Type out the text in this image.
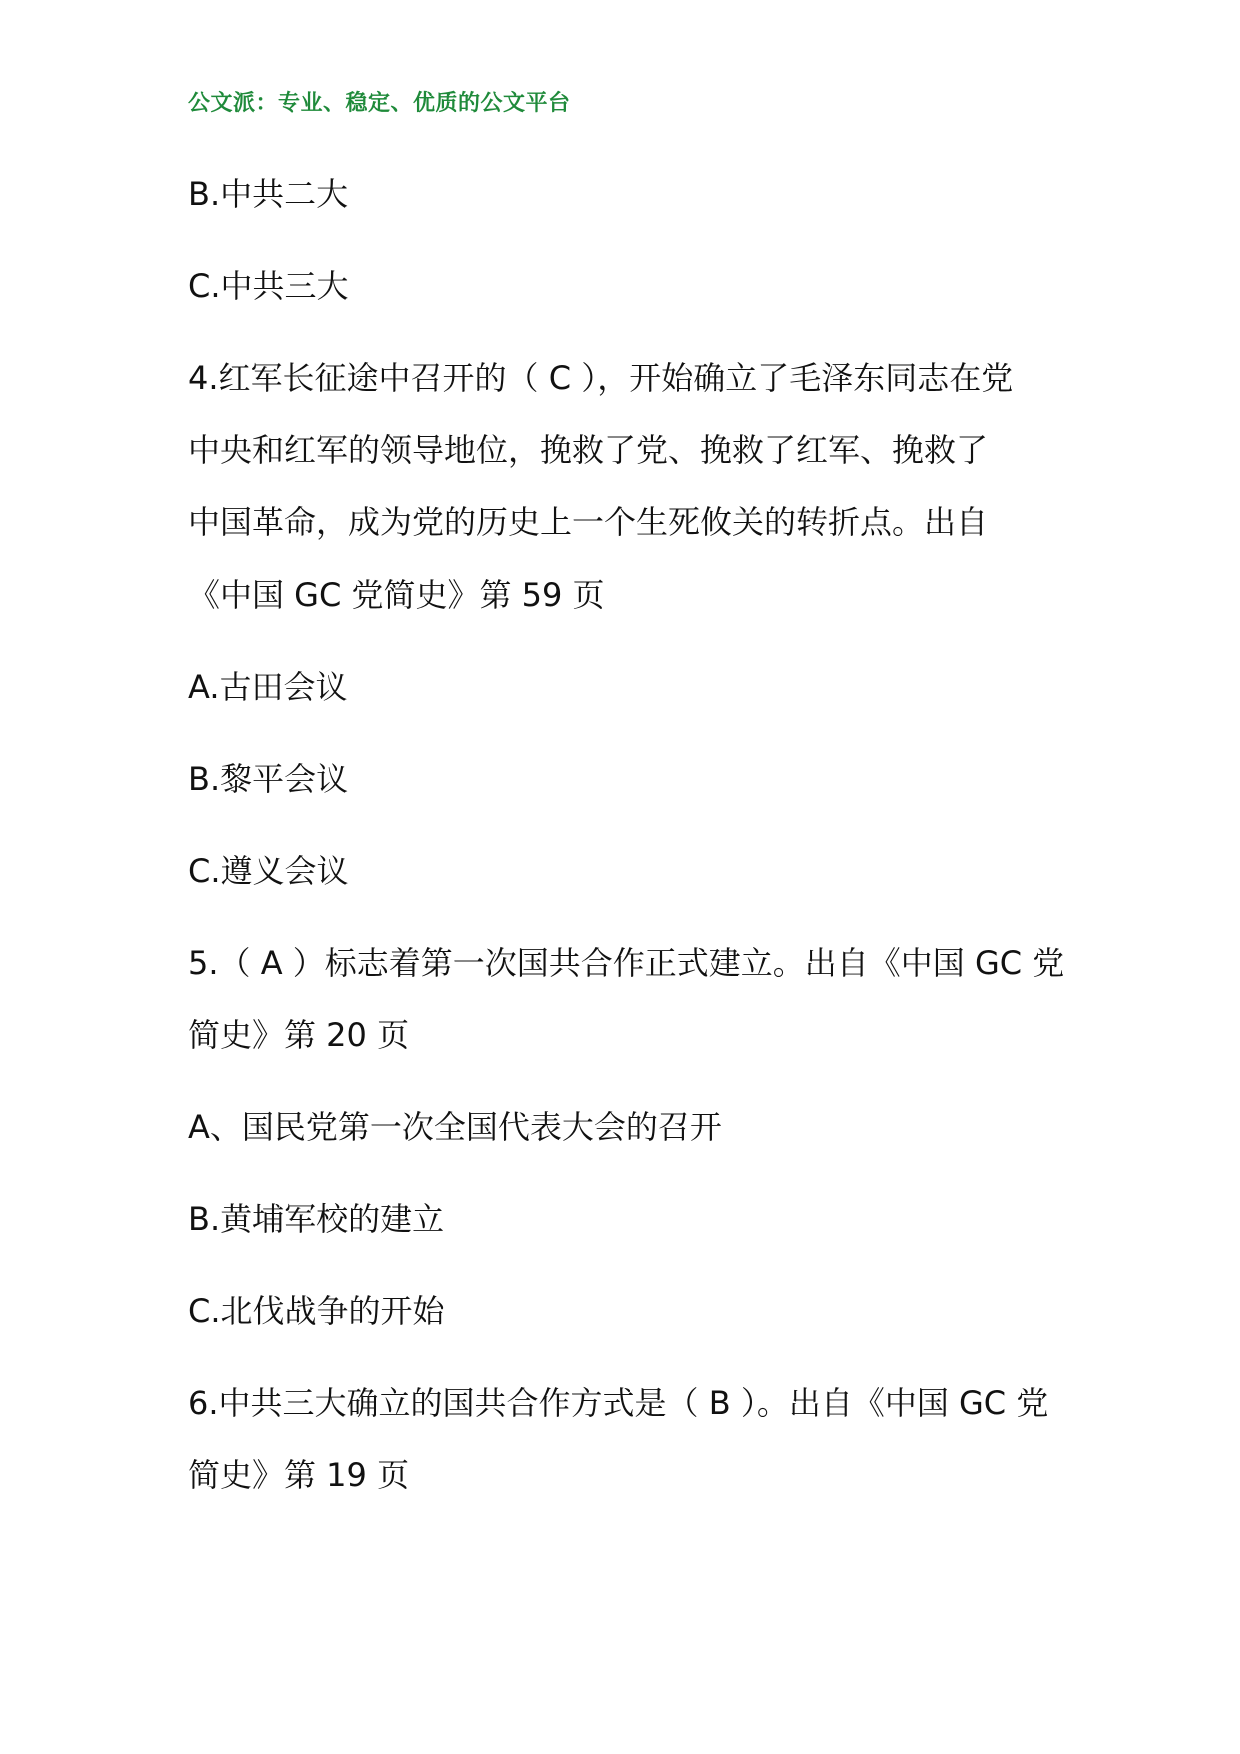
公文派：专业、稳定、优质的公文平台
B.中共二大
C.中共三大
4.红军长征途中召开的（ C ），开始确立了毛泽东同志在党
中央和红军的领导地位，挽救了党、挽救了红军、挽救了
中国革命，成为党的历史上一个生死攸关的转折点。出自
《中国 GC 党简史》第 59 页
A.古田会议
B.黎平会议
C.遵义会议
5.（ A ）标志着第一次国共合作正式建立。出自《中国 GC 党
简史》第 20 页
A、国民党第一次全国代表大会的召开
B.黄埔军校的建立
C.北伐战争的开始
6.中共三大确立的国共合作方式是（ B ）。出自《中国 GC 党
简史》第 19 页
